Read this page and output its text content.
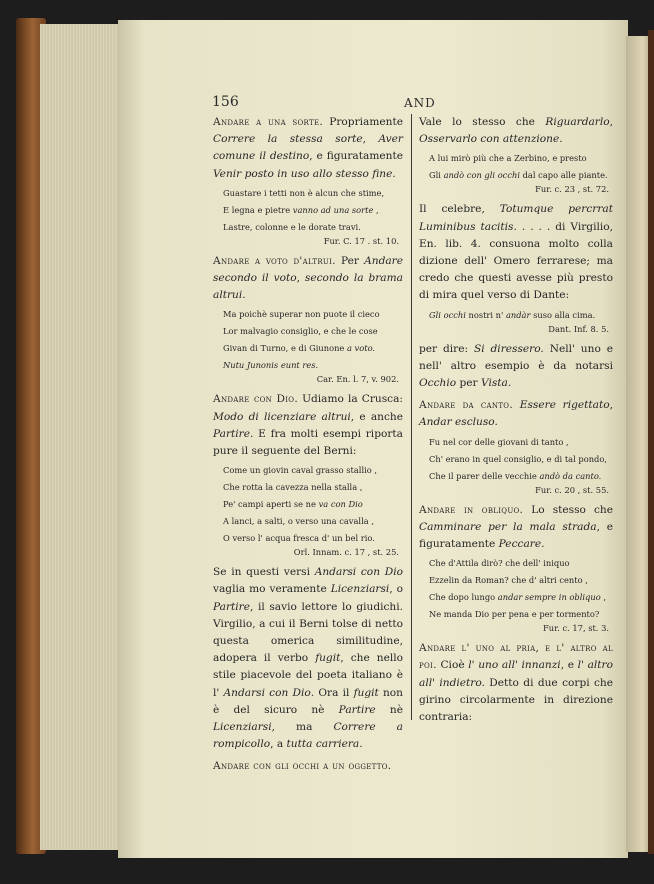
156	AND
Andare a una sorte. Propriamente Correre la stessa sorte, Aver comune il destino, e figuratamente Venir posto in uso allo stesso fine.
Guastare i tetti non è alcun che stime,
E legna e pietre vanno ad una sorte ,
Lastre, colonne e le dorate travi.
Fur. C. 17 . st. 10.
Andare a voto d'altrui. Per Andare secondo il voto, secondo la brama altrui.
Ma poichè superar non puote il cieco
Lor malvagio consiglio, e che le cose
Givan di Turno, e di Giunone a voto.
Nutu Junonis eunt res.
Car. En. l. 7, v. 902.
Andare con Dio. Udiamo la Crusca: Modo di licenziare altrui, e anche Partire. E fra molti esempi riporta pure il seguente del Berni:
Come un giovin caval grasso stallio ,
Che rotta la cavezza nella stalla ,
Pe' campi aperti se ne va con Dio
A lanci, a salti, o verso una cavalla ,
O verso l' acqua fresca d' un bel rio.
Orl. Innam. c. 17 , st. 25.
Se in questi versi Andarsi con Dio vaglia mo veramente Licenziarsi, o Partire, il savio lettore lo giudichi. Virgilio, a cui il Berni tolse di netto questa omerica similitudine, adopera il verbo fugit, che nello stile piacevole del poeta italiano è l' Andarsi con Dio. Ora il fugit non è del sicuro nè Partire nè Licenziarsi, ma Correre a rompicollo, a tutta carriera.
Andare con gli occhi a un oggetto.
Vale lo stesso che Riguardarlo, Osservarlo con attenzione.
A lui mirò più che a Zerbino, e presto
Gli andò con gli occhi dal capo alle piante.
Fur. c. 23 , st. 72.
Il celebre, Totumque percrrat Luminibus tacitis. . . . . di Virgilio, En. lib. 4. consuona molto colla dizione dell' Omero ferrarese; ma credo che questi avesse più presto di mira quel verso di Dante:
Gli occhi nostri n' andàr suso alla cima.
Dant. Inf. 8. 5.
per dire: Si diressero. Nell' uno e nell' altro esempio è da notarsi Occhio per Vista.
Andare da canto. Essere rigettato, Andar escluso.
Fu nel cor delle giovani di tanto ,
Ch' erano in quel consiglio, e di tal pondo,
Che il parer delle vecchie andò da canto.
Fur. c. 20 , st. 55.
Andare in obliquo. Lo stesso che Camminare per la mala strada, e figuratamente Peccare.
Che d'Attila dirò? che dell' iniquo
Ezzelin da Roman? che d' altri cento ,
Che dopo lungo andar sempre in obliquo ,
Ne manda Dio per pena e per tormento?
Fur. c. 17, st. 3.
Andare l' uno al pria, e l' altro al poi. Cioè l' uno all' innanzi, e l' altro all' indietro. Detto di due corpi che girino circolarmente in direzione contraria:
